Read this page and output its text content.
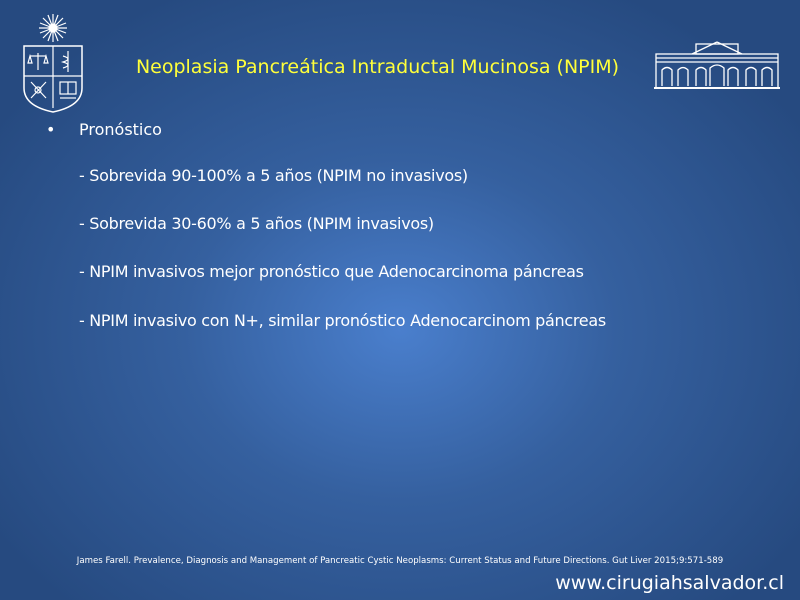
Neoplasia Pancreática Intraductal Mucinosa (NPIM)
• Pronóstico
- Sobrevida 90-100% a 5 años (NPIM no invasivos)
- Sobrevida 30-60% a 5 años (NPIM invasivos)
- NPIM invasivos mejor pronóstico que Adenocarcinoma páncreas
- NPIM invasivo con N+, similar pronóstico Adenocarcinom páncreas
James Farell. Prevalence, Diagnosis and Management of Pancreatic Cystic Neoplasms: Current Status and Future Directions. Gut Liver 2015;9:571-589
www.cirugiahsalvador.cl
